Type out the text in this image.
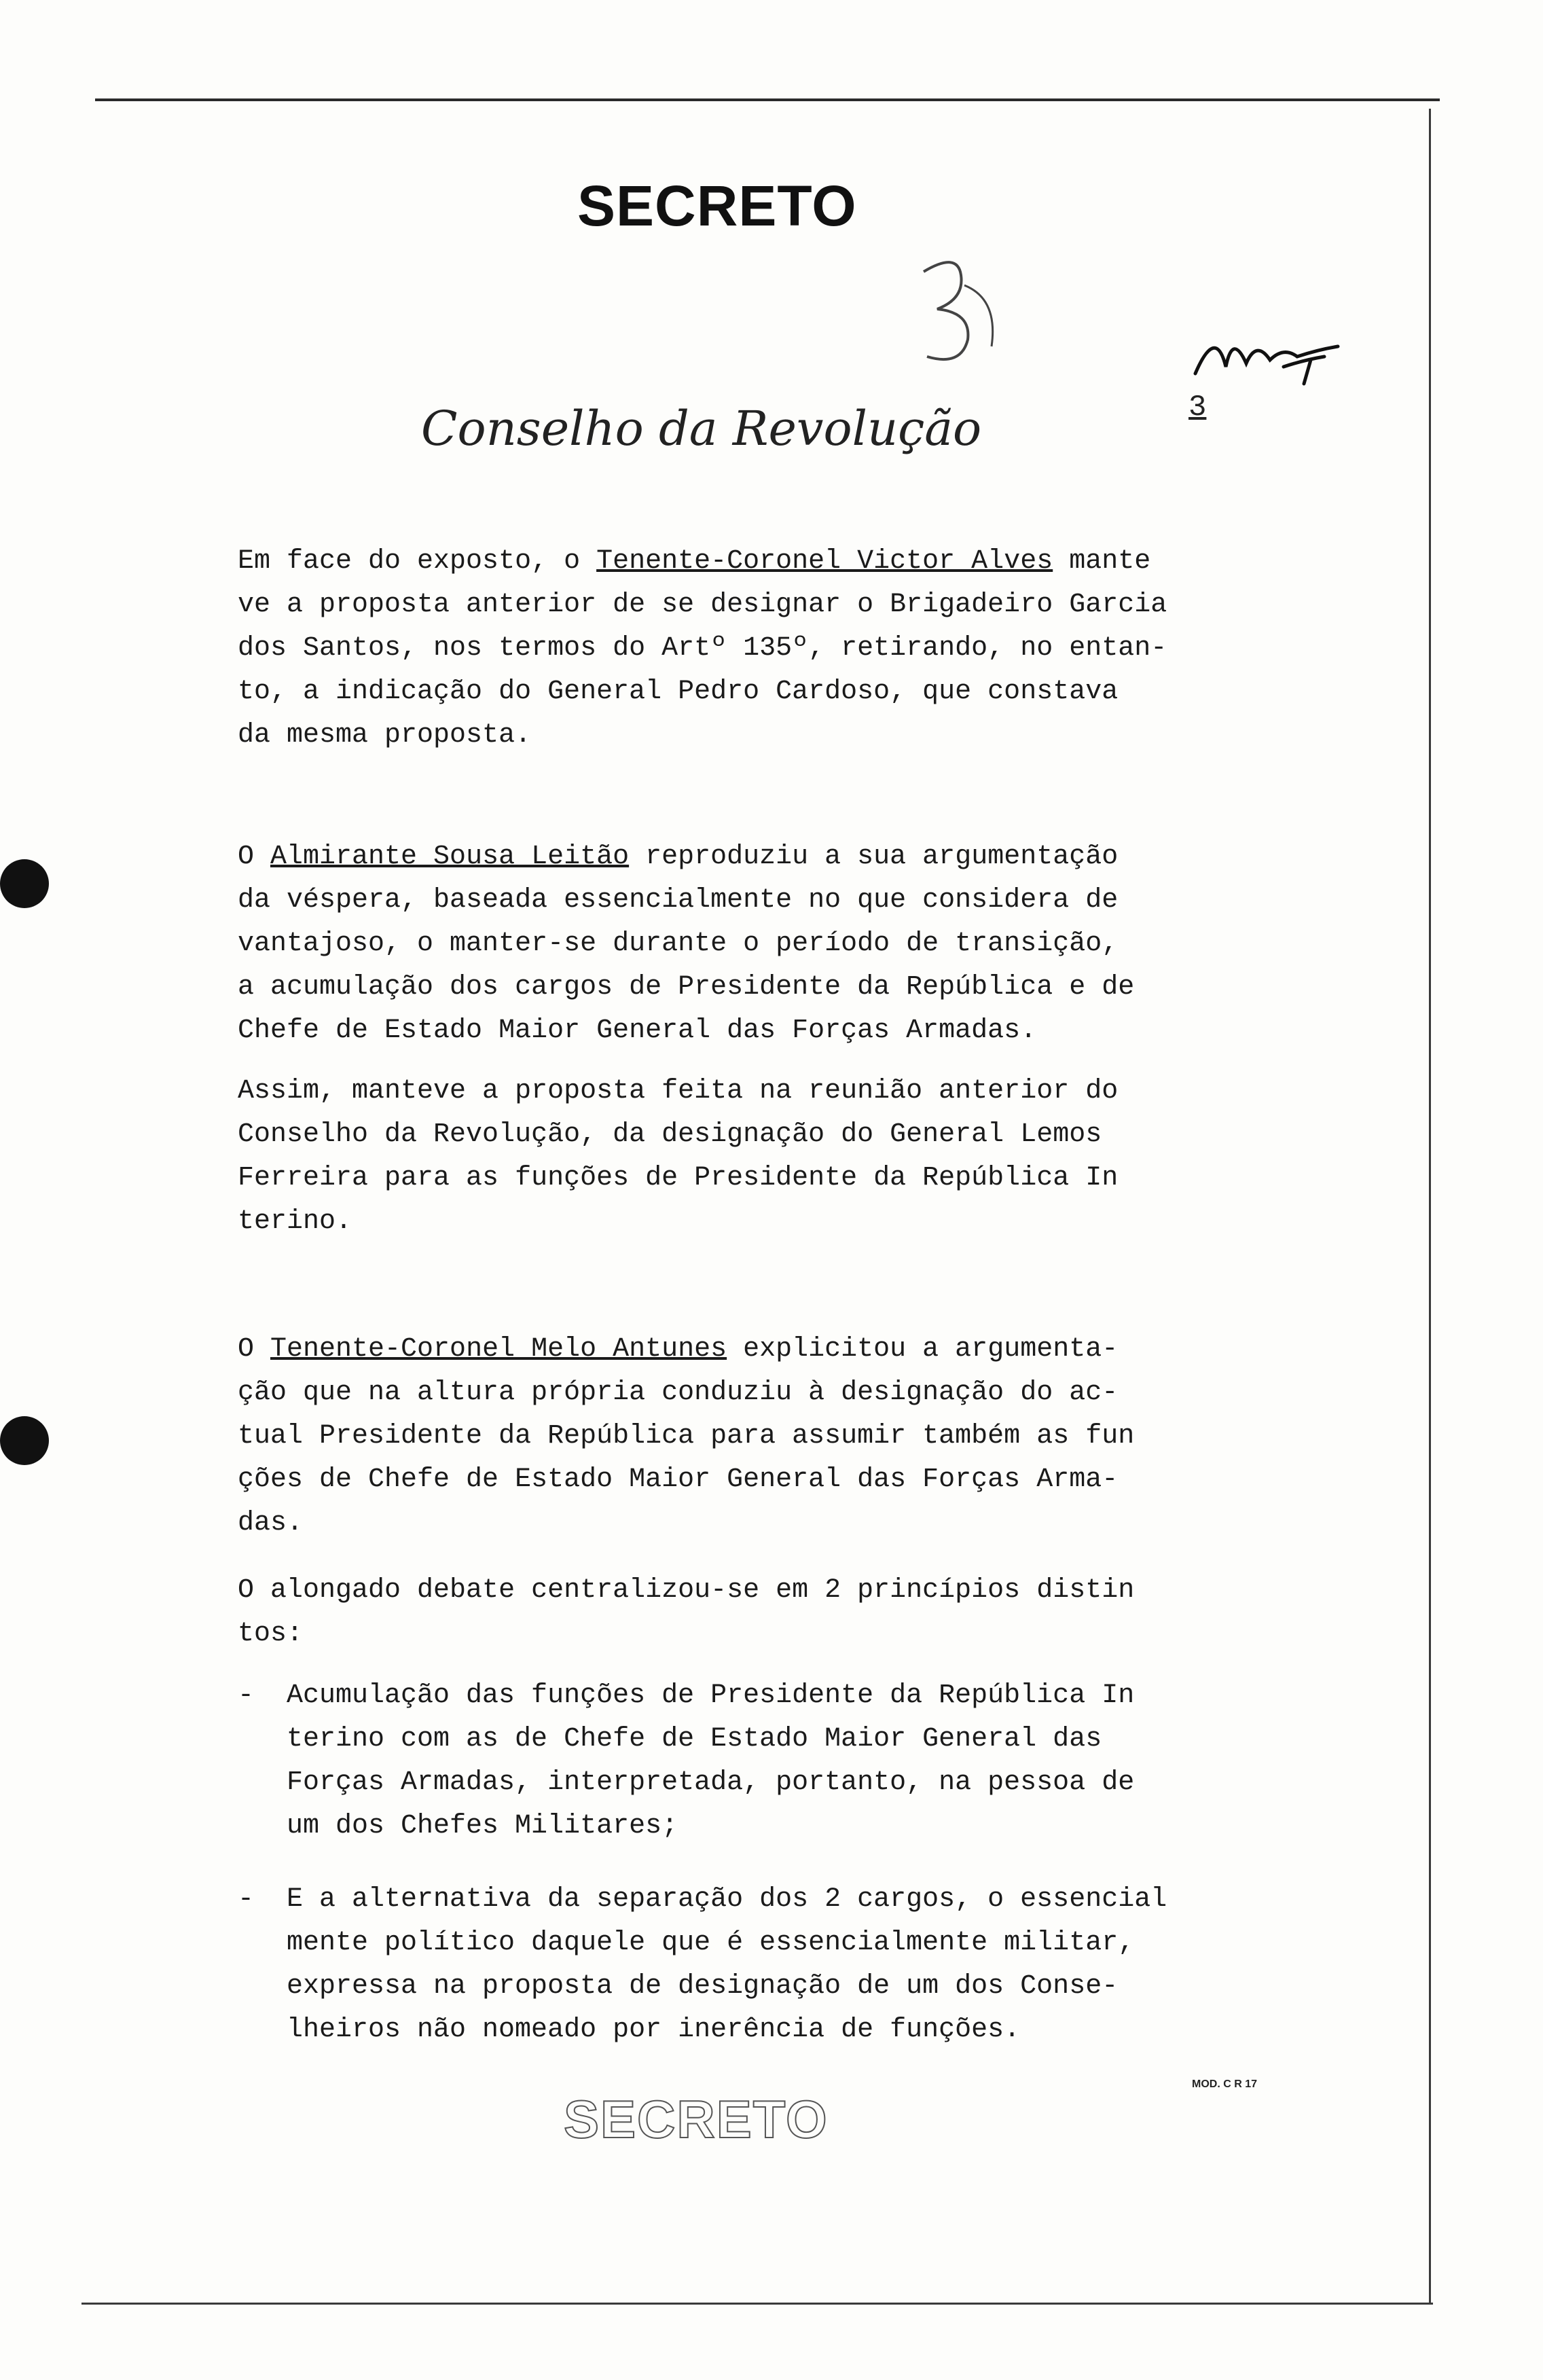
SECRETO
Conselho da Revolução	3

Em face do exposto, o Tenente-Coronel Victor Alves mante
ve a proposta anterior de se designar o Brigadeiro Garcia
dos Santos, nos termos do Artº 135º, retirando, no entan-
to, a indicação do General Pedro Cardoso, que constava
da mesma proposta.

O Almirante Sousa Leitão reproduziu a sua argumentação
da véspera, baseada essencialmente no que considera de
vantajoso, o manter-se durante o período de transição,
a acumulação dos cargos de Presidente da República e de
Chefe de Estado Maior General das Forças Armadas.

Assim, manteve a proposta feita na reunião anterior do
Conselho da Revolução, da designação do General Lemos
Ferreira para as funções de Presidente da República In
terino.

O Tenente-Coronel Melo Antunes explicitou a argumenta-
ção que na altura própria conduziu à designação do ac-
tual Presidente da República para assumir também as fun
ções de Chefe de Estado Maior General das Forças Arma-
das.

O alongado debate centralizou-se em 2 princípios distin
tos:

- Acumulação das funções de Presidente da República In
terino com as de Chefe de Estado Maior General das
Forças Armadas, interpretada, portanto, na pessoa de
um dos Chefes Militares;
- E a alternativa da separação dos 2 cargos, o essencial
mente político daquele que é essencialmente militar,
expressa na proposta de designação de um dos Conse-
lheiros não nomeado por inerência de funções.
MOD. C R 17
SECRETO
